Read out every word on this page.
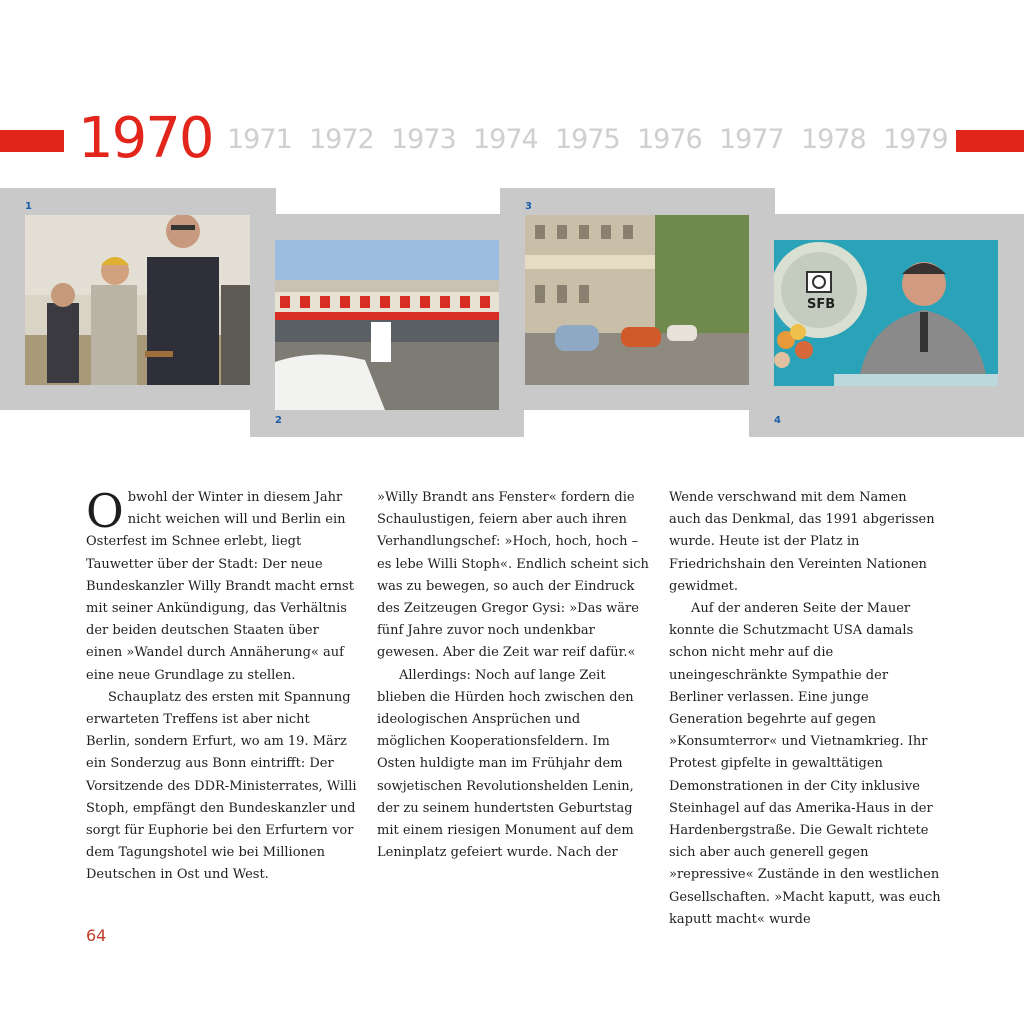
1970 1971 1972 1973 1974 1975 1976 1977 1978 1979
1
2
3
SFB
4
O bwohl der Winter in diesem Jahr nicht weichen will und Berlin ein Osterfest im Schnee erlebt, liegt Tauwetter über der Stadt: Der neue Bundeskanzler Willy Brandt macht ernst mit seiner Ankündigung, das Verhältnis der beiden deutschen Staaten über einen »Wandel durch Annäherung« auf eine neue Grundlage zu stellen.

Schauplatz des ersten mit Spannung erwarteten Treffens ist aber nicht Berlin, sondern Erfurt, wo am 19. März ein Sonderzug aus Bonn eintrifft: Der Vorsitzende des DDR-Ministerrates, Willi Stoph, empfängt den Bundeskanzler und sorgt für Euphorie bei den Erfurtern vor dem Tagungshotel wie bei Millionen Deutschen in Ost und West.

»Willy Brandt ans Fenster« fordern die Schaulustigen, feiern aber auch ihren Verhandlungschef: »Hoch, hoch, hoch – es lebe Willi Stoph«. Endlich scheint sich was zu bewegen, so auch der Eindruck des Zeitzeugen Gregor Gysi: »Das wäre fünf Jahre zuvor noch undenkbar gewesen. Aber die Zeit war reif dafür.«

Allerdings: Noch auf lange Zeit blieben die Hürden hoch zwischen den ideologischen Ansprüchen und möglichen Kooperationsfeldern. Im Osten huldigte man im Frühjahr dem sowjetischen Revolutionshelden Lenin, der zu seinem hundertsten Geburtstag mit einem riesigen Monument auf dem Leninplatz gefeiert wurde. Nach der

Wende verschwand mit dem Namen auch das Denkmal, das 1991 abgerissen wurde. Heute ist der Platz in Friedrichshain den Vereinten Nationen gewidmet.

Auf der anderen Seite der Mauer konnte die Schutzmacht USA damals schon nicht mehr auf die uneingeschränkte Sympathie der Berliner verlassen. Eine junge Generation begehrte auf gegen »Konsumterror« und Vietnamkrieg. Ihr Protest gipfelte in gewalttätigen Demonstrationen in der City inklusive Steinhagel auf das Amerika-Haus in der Hardenbergstraße. Die Gewalt richtete sich aber auch generell gegen »repressive« Zustände in den westlichen Gesellschaften. »Macht kaputt, was euch kaputt macht« wurde

64
